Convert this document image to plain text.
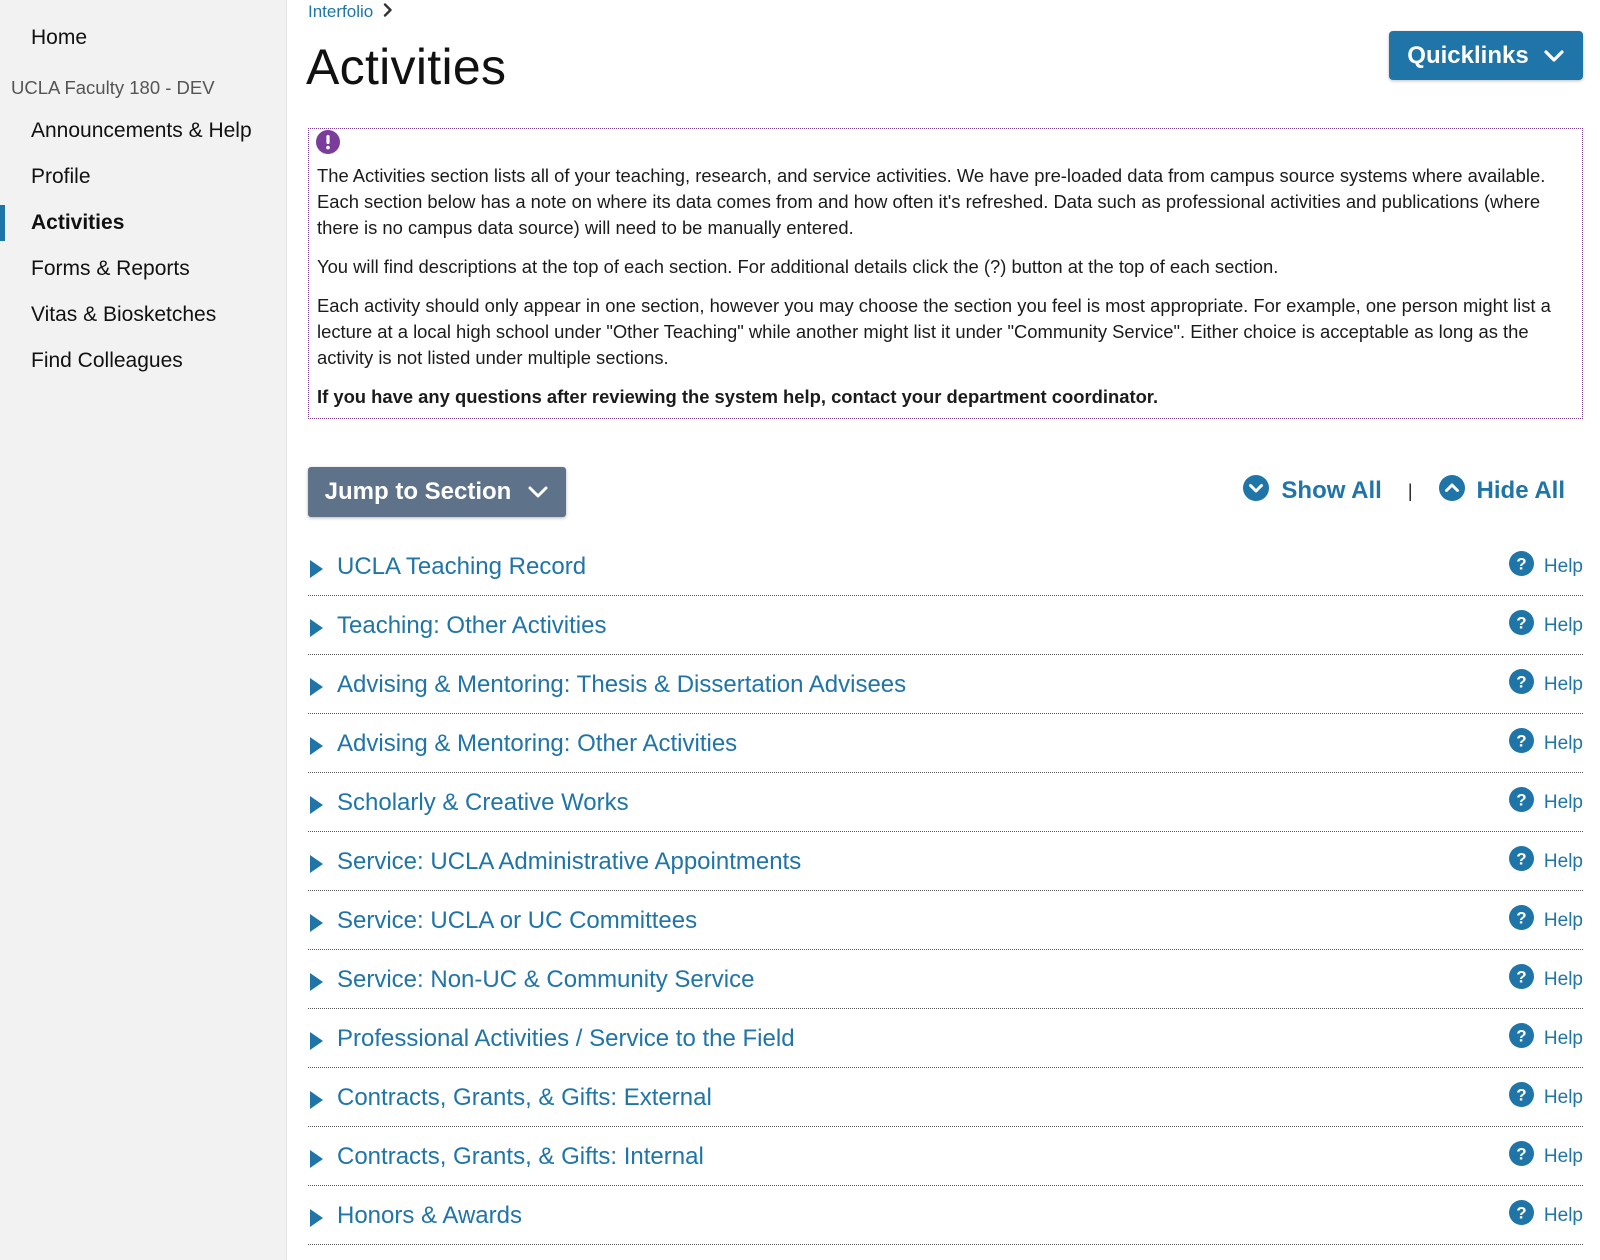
Home
UCLA Faculty 180 - DEV
Announcements & Help
Profile
Activities
Forms & Reports
Vitas & Biosketches
Find Colleagues
Interfolio
Activities	Quicklinks

The Activities section lists all of your teaching, research, and service activities. We have pre-loaded data from campus source systems where available. Each section below has a note on where its data comes from and how often it's refreshed. Data such as professional activities and publications (where there is no campus data source) will need to be manually entered.

You will find descriptions at the top of each section. For additional details click the (?) button at the top of each section.

Each activity should only appear in one section, however you may choose the section you feel is most appropriate. For example, one person might list a lecture at a local high school under "Other Teaching" while another might list it under "Community Service". Either choice is acceptable as long as the activity is not listed under multiple sections.

If you have any questions after reviewing the system help, contact your department coordinator.

Jump to Section	Show All |	Hide All
UCLA Teaching Record	? Help
Teaching: Other Activities	? Help
Advising & Mentoring: Thesis & Dissertation Advisees	? Help
Advising & Mentoring: Other Activities	? Help
Scholarly & Creative Works	? Help
Service: UCLA Administrative Appointments	? Help
Service: UCLA or UC Committees	? Help
Service: Non-UC & Community Service	? Help
Professional Activities / Service to the Field	? Help
Contracts, Grants, & Gifts: External	? Help
Contracts, Grants, & Gifts: Internal	? Help
Honors & Awards	? Help
